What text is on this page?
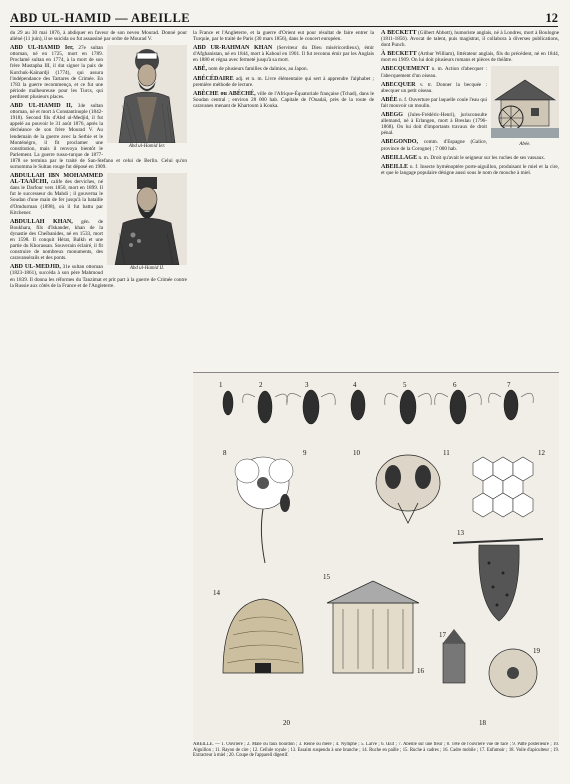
ABD UL-HAMID — ABEILLE	12

du 29 au 30 mai 1876, à abdiquer en faveur de son neveu Mourad. Donné pour aliéné (11 juin), il se suicida ou fut assassiné par ordre de Mourad V.

Abd ul-Hamid Ier.

ABD UL-HAMID Ier, 27e sultan ottoman, né en 1725, mort en 1789. Proclamé sultan en 1774, à la mort de son frère Mustapha III, il dut signer la paix de Kutchuk-Kaïnardji (1774), qui assura l'indépendance des Tartares de Crimée. En 1783 la guerre recommença, et ce fut une période malheureuse pour les Turcs, qui perdirent plusieurs places.

ABD UL-HAMID II, 34e sultan ottoman, né et mort à Constantinople (1842-1918). Second fils d'Abd ul-Medjid, il fut appelé au pouvoir le 31 août 1876, après la déchéance de son frère Mourad V. Au lendemain de la guerre avec la Serbie et le Monténégro, il fit proclamer une constitution, mais il renvoya bientôt le Parlement. La guerre russo-turque de 1877-1878 se termina par le traité de San-Stefano et celui de Berlin. Celui qu'on surnomma le Sultan rouge fut déposé en 1909.

Abd ul-Hamid II.

ABDULLAH IBN MOHAMMED AL-TAAÏCHI, calife des derviches, né dans le Darfour vers 1850, mort en 1899. Il fut le successeur du Mahdi ; il gouverna le Soudan d'une main de fer jusqu'à la bataille d'Omdurman (1898), où il fut battu par Kitchener.

ABDULLAH KHAN, gén. de Boukhara, fils d'Iskander, khan de la dynastie des Cheïbanides, né en 1533, mort en 1598. Il conquit Hérat, Balkh et une partie du Khorassan. Souverain éclairé, il fit construire de nombreux monuments, des caravansérails et des ponts.

ABD UL-MEDJID, 31e sultan ottoman (1823-1861), succéda à son père Mahmoud en 1839. Il donna les réformes du Tanzimat et prit part à la guerre de Crimée contre la Russie aux côtés de la France et de l'Angleterre.

la France et l'Angleterre, et la guerre d'Orient eut pour résultat de faire entrer la Turquie, par le traité de Paris (30 mars 1856), dans le concert européen.

ABD UR-RAHMAN KHAN (Serviteur du Dieu miséricordieux), émir d'Afghanistan, né en 1844, mort à Kaboul en 1901. Il fut reconnu émir par les Anglais en 1880 et régna avec fermeté jusqu'à sa mort.

ABÉ, nom de plusieurs familles de daïmios, au Japon.

ABÉCÉDAIRE adj. et n. m. Livre élémentaire qui sert à apprendre l'alphabet ; première méthode de lecture.

ABÈCHE ou ABÉCHÉ, ville de l'Afrique-Équatoriale française (Tchad), dans le Soudan central ; environ 28 000 hab. Capitale de l'Ouadaï, près de la route de caravanes menant de Khartoum à Kouka.

À BECKETT (Gilbert Abbott), humoriste anglais, né à Londres, mort à Boulogne (1811-1856). Avocat de talent, puis magistrat, il collabora à diverses publications, dont Punch.

À BECKETT (Arthur William), littérateur anglais, fils du précédent, né en 1844, mort en 1909. On lui doit plusieurs romans et pièces de théâtre.

Abée.

ABECQUEMENT n. m. Action d'abecquer : l'abecquement d'un oiseau.

ABECQUER v. tr. Donner la becquée : abecquer un petit oiseau.

ABÉE n. f. Ouverture par laquelle coule l'eau qui fait mouvoir un moulin.

ABEGG (Jules-Frédéric-Henri), jurisconsulte allemand, né à Erlangen, mort à Breslau (1796-1868). On lui doit d'importants travaux de droit pénal.

ABEGONDO, comm. d'Espagne (Galice, province de la Corogne) ; 7 000 hab.

ABEILLAGE n. m. Droit qu'avait le seigneur sur les ruches de ses vassaux.

ABEILLE n. f. Insecte hyménoptère porte-aiguillon, produisant le miel et la cire, et que le langage populaire désigne aussi sous le nom de mouche à miel.

1	2	3	4	5	6	7
8	9	10	11	12
13
14
15
16
17
18
19
20
ABEILLE. — 1. Ouvrière ; 2. Mâle ou faux bourdon ; 3. Reine ou mère ; 4. Nymphe ; 5. Larve ; 6. Œuf ; 7. Abeille sur une fleur ; 8. Tête de l'ouvrière vue de face ; 9. Patte postérieure ; 10. Aiguillon ; 11. Rayon de cire ; 12. Cellule royale ; 13. Essaim suspendu à une branche ; 14. Ruche en paille ; 15. Ruche à cadres ; 16. Cadre mobile ; 17. Enfumoir ; 18. Voile d'apiculteur ; 19. Extracteur à miel ; 20. Coupe de l'appareil digestif.
